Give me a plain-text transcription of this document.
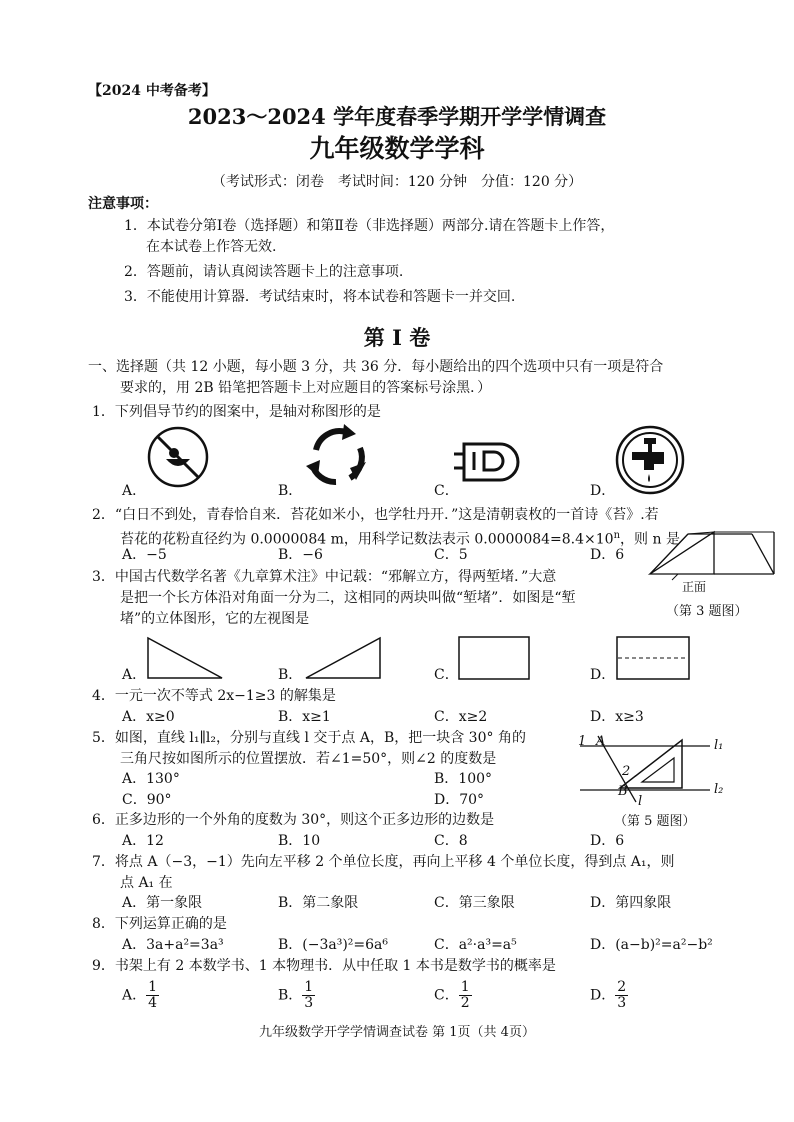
【2024 中考备考】
2023～2024 学年度春季学期开学学情调查
九年级数学学科
（考试形式：闭卷　考试时间：120 分钟　分值：120 分）
注意事项：
1．本试卷分第Ⅰ卷（选择题）和第Ⅱ卷（非选择题）两部分.请在答题卡上作答，
在本试卷上作答无效.
2．答题前，请认真阅读答题卡上的注意事项.
3．不能使用计算器．考试结束时，将本试卷和答题卡一并交回.
第 Ⅰ 卷
一、选择题（共 12 小题，每小题 3 分，共 36 分．每小题给出的四个选项中只有一项是符合
要求的，用 2B 铅笔把答题卡上对应题目的答案标号涂黑．）
1．下列倡导节约的图案中，是轴对称图形的是
A．	B．	C．	D．
2．“白日不到处，青春恰自来．苔花如米小，也学牡丹开．”这是清朝袁枚的一首诗《苔》.若
苔花的花粉直径约为 0.0000084 m，用科学记数法表示 $0.0000084=8.4\times 10^n$，则 n 是
A．−5	B．−6	C．5	D．6
正面
（第 3 题图）
3．中国古代数学名著《九章算术注》中记载：“邪解立方，得两堑堵．”大意
是把一个长方体沿对角面一分为二，这相同的两块叫做“堑堵”．如图是“堑
堵”的立体图形，它的左视图是
A．	B．	C．	D．
4．一元一次不等式 2x−1≥3 的解集是
A．x≥0	B．x≥1	C．x≥2	D．x≥3
5．如图，直线 l₁∥l₂，分别与直线 l 交于点 A，B，把一块含 30° 角的
三角尺按如图所示的位置摆放．若∠1=50°，则∠2 的度数是
A．130°	B．100°
C．90°	D．70°
1 A	l₁
2
B	l₂
l
（第 5 题图）
6．正多边形的一个外角的度数为 30°，则这个正多边形的边数是
A．12	B．10	C．8	D．6
7．将点 A（−3，−1）先向左平移 2 个单位长度，再向上平移 4 个单位长度，得到点 A₁，则
点 A₁ 在
A．第一象限	B．第二象限	C．第三象限	D．第四象限
8．下列运算正确的是
A．3a+a²=3a³	B．(−3a³)²=6a⁶	C．a²·a³=a⁵	D．(a−b)²=a²−b²
9．书架上有 2 本数学书、1 本物理书．从中任取 1 本书是数学书的概率是
A． $\frac{1}{4}$	B． $\frac{1}{3}$	C． $\frac{1}{2}$	D． $\frac{2}{3}$
九年级数学开学学情调查试卷 第 1页（共 4页）
